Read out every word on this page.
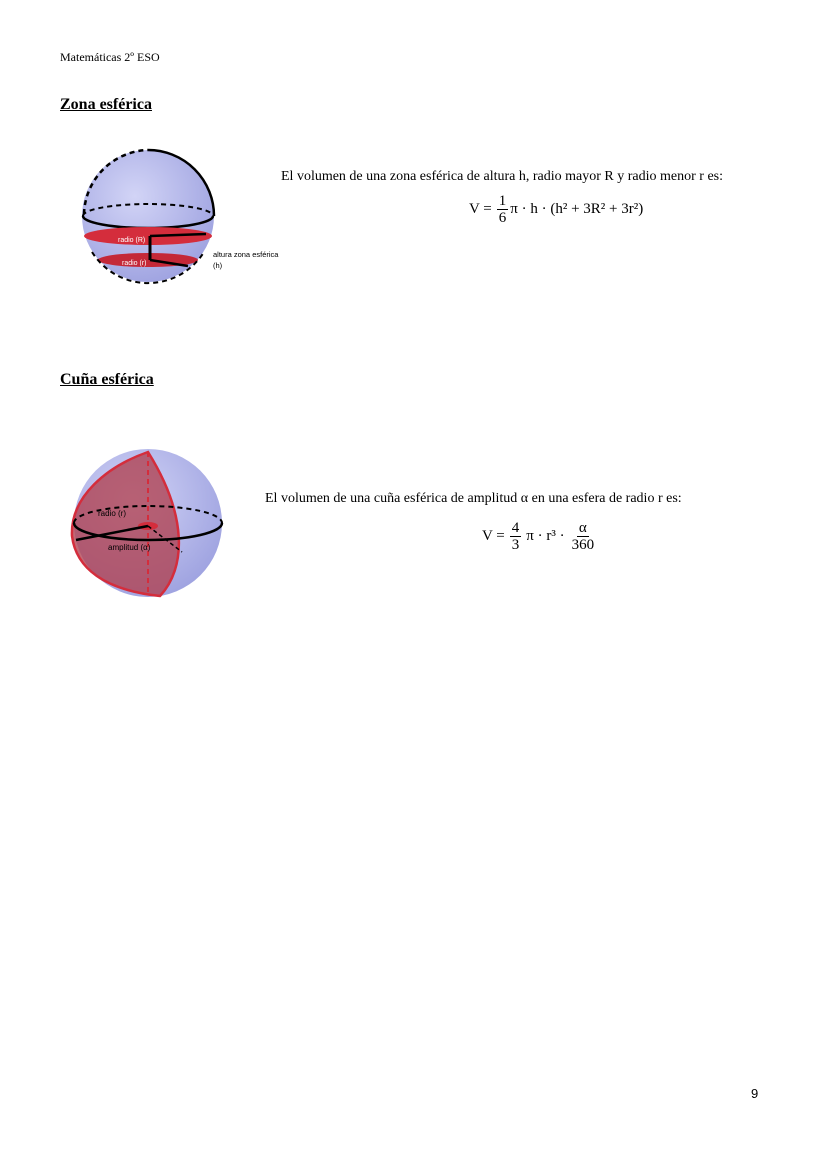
Matemáticas 2º ESO
Zona esférica
radio (R)
radio (r)
altura zona esférica
(h)
El volumen de una zona esférica de altura h, radio mayor R y radio menor r es:
$V = \frac{1}{6}$ π · h · (h² + 3R² + 3r²)
Cuña esférica
radio (r)
amplitud (α)
El volumen de una cuña esférica de amplitud α en una esfera de radio r es:
$V = \frac{4}{3}$ $\pi \cdot r^3 \cdot \frac{\alpha}{360}$
9
